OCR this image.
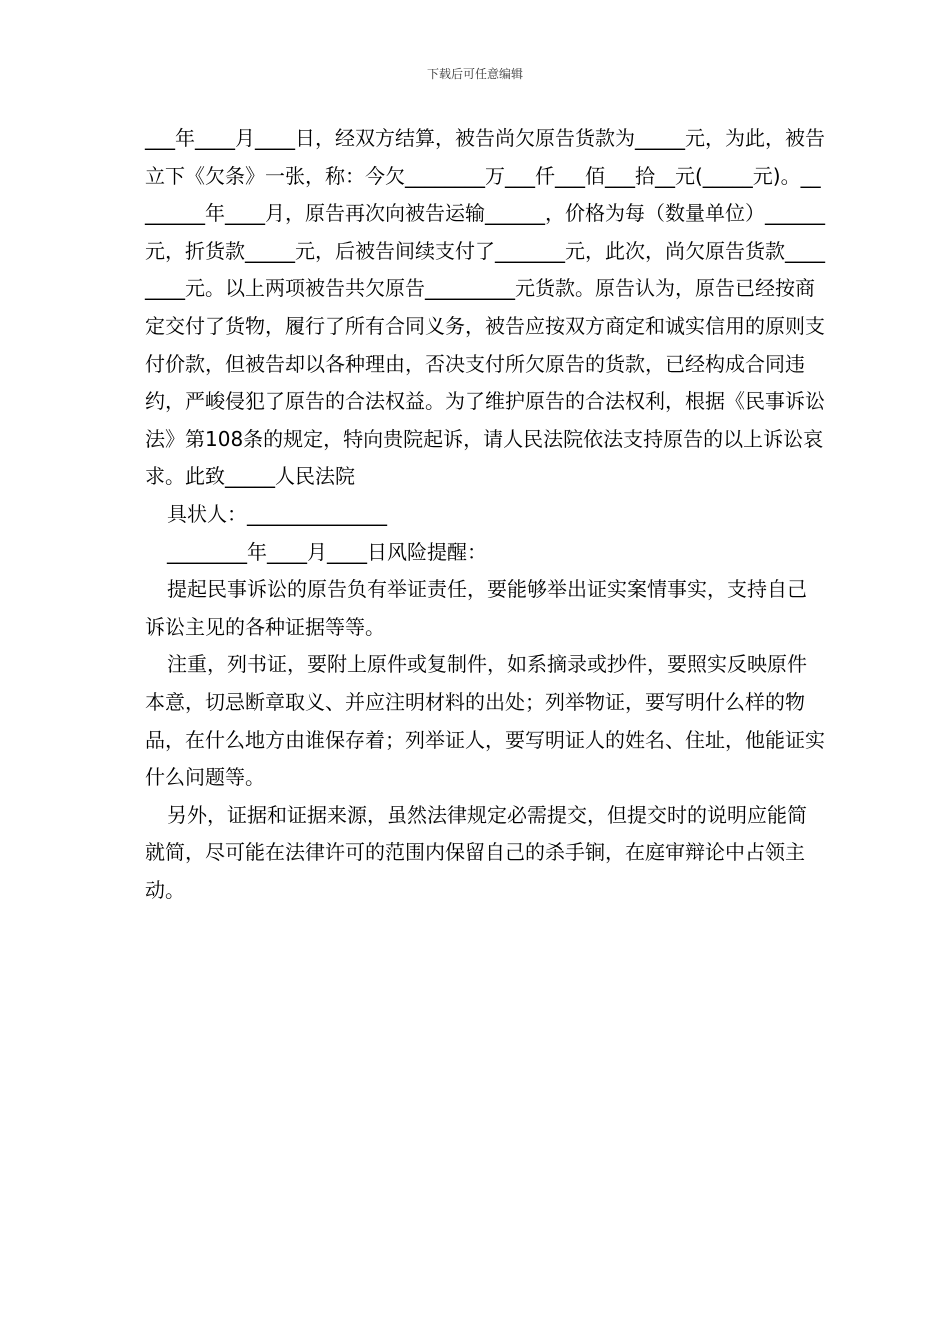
下载后可任意编辑

___年____月____日，经双方结算，被告尚欠原告货款为_____元，为此，被告立下《欠条》一张，称：今欠________万___仟___佰___拾__元(_____元)。________年____月，原告再次向被告运输______，价格为每（数量单位）______元，折货款_____元，后被告间续支付了_______元，此次，尚欠原告货款________元。以上两项被告共欠原告_________元货款。原告认为，原告已经按商定交付了货物，履行了所有合同义务，被告应按双方商定和诚实信用的原则支付价款，但被告却以各种理由，否决支付所欠原告的货款，已经构成合同违约，严峻侵犯了原告的合法权益。为了维护原告的合法权利，根据《民事诉讼法》第108条的规定，特向贵院起诉，请人民法院依法支持原告的以上诉讼哀求。此致_____人民法院

具状人：______________

________年____月____日风险提醒：

提起民事诉讼的原告负有举证责任，要能够举出证实案情事实，支持自己诉讼主见的各种证据等等。

注重，列书证，要附上原件或复制件，如系摘录或抄件，要照实反映原件本意，切忌断章取义、并应注明材料的出处；列举物证，要写明什么样的物品，在什么地方由谁保存着；列举证人，要写明证人的姓名、住址，他能证实什么问题等。

另外，证据和证据来源，虽然法律规定必需提交，但提交时的说明应能简就简，尽可能在法律许可的范围内保留自己的杀手锏，在庭审辩论中占领主动。
